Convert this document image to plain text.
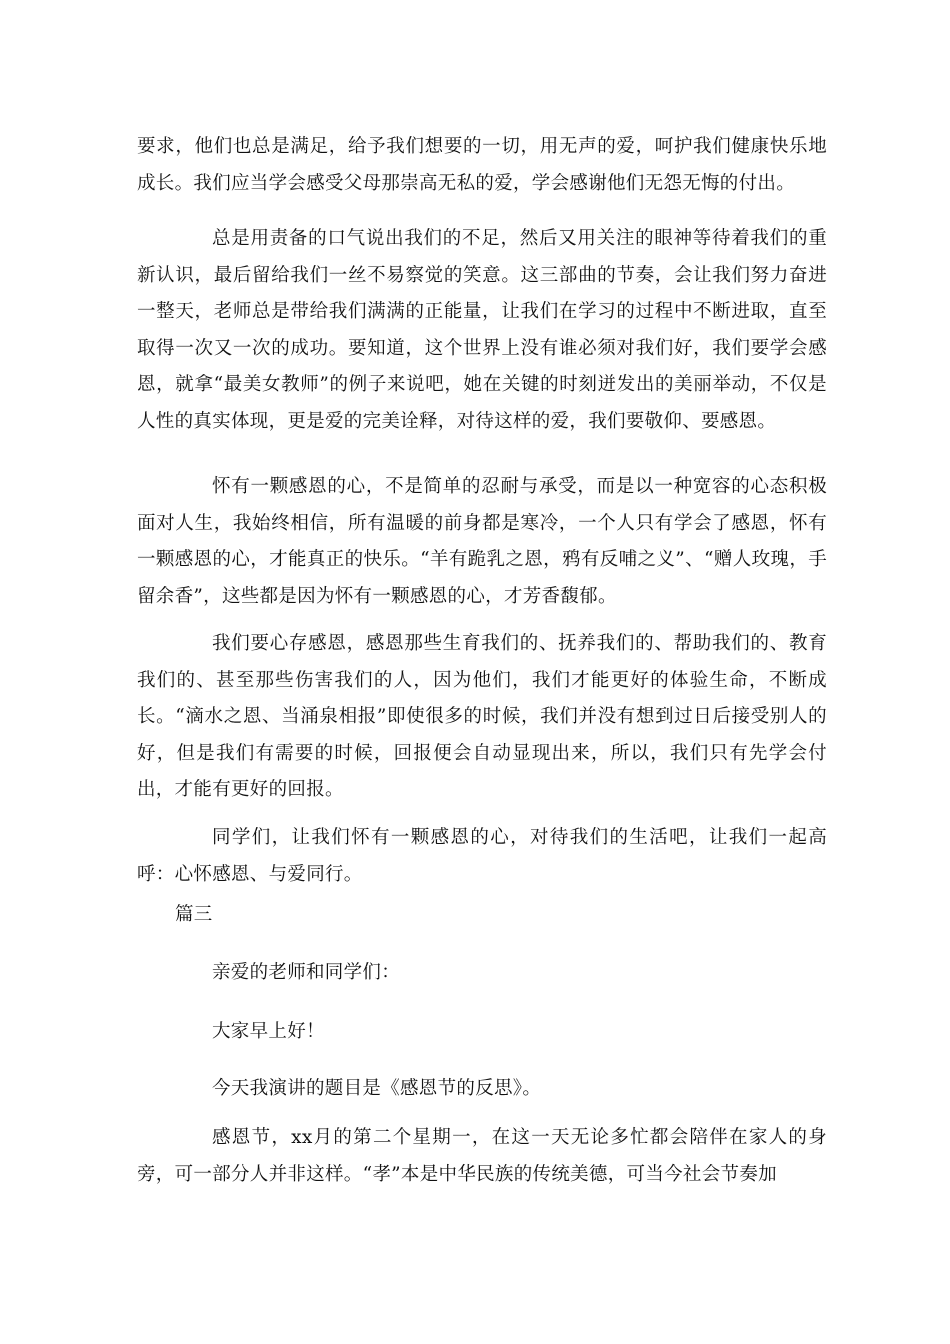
要求，他们也总是满足，给予我们想要的一切，用无声的爱，呵护我们健康快乐地成长。我们应当学会感受父母那崇高无私的爱，学会感谢他们无怨无悔的付出。

总是用责备的口气说出我们的不足，然后又用关注的眼神等待着我们的重新认识，最后留给我们一丝不易察觉的笑意。这三部曲的节奏，会让我们努力奋进一整天，老师总是带给我们满满的正能量，让我们在学习的过程中不断进取，直至取得一次又一次的成功。要知道，这个世界上没有谁必须对我们好，我们要学会感恩，就拿“最美女教师”的例子来说吧，她在关键的时刻迸发出的美丽举动，不仅是人性的真实体现，更是爱的完美诠释，对待这样的爱，我们要敬仰、要感恩。

怀有一颗感恩的心，不是简单的忍耐与承受，而是以一种宽容的心态积极面对人生，我始终相信，所有温暖的前身都是寒冷，一个人只有学会了感恩，怀有一颗感恩的心，才能真正的快乐。“羊有跪乳之恩，鸦有反哺之义”、“赠人玫瑰，手留余香”，这些都是因为怀有一颗感恩的心，才芳香馥郁。

我们要心存感恩，感恩那些生育我们的、抚养我们的、帮助我们的、教育我们的、甚至那些伤害我们的人，因为他们，我们才能更好的体验生命，不断成长。“滴水之恩、当涌泉相报”即使很多的时候，我们并没有想到过日后接受别人的好，但是我们有需要的时候，回报便会自动显现出来，所以，我们只有先学会付出，才能有更好的回报。

同学们，让我们怀有一颗感恩的心，对待我们的生活吧，让我们一起高呼：心怀感恩、与爱同行。

篇三

亲爱的老师和同学们：

大家早上好！

今天我演讲的题目是《感恩节的反思》。

感恩节，xx月的第二个星期一，在这一天无论多忙都会陪伴在家人的身旁，可一部分人并非这样。“孝”本是中华民族的传统美德，可当今社会节奏加
